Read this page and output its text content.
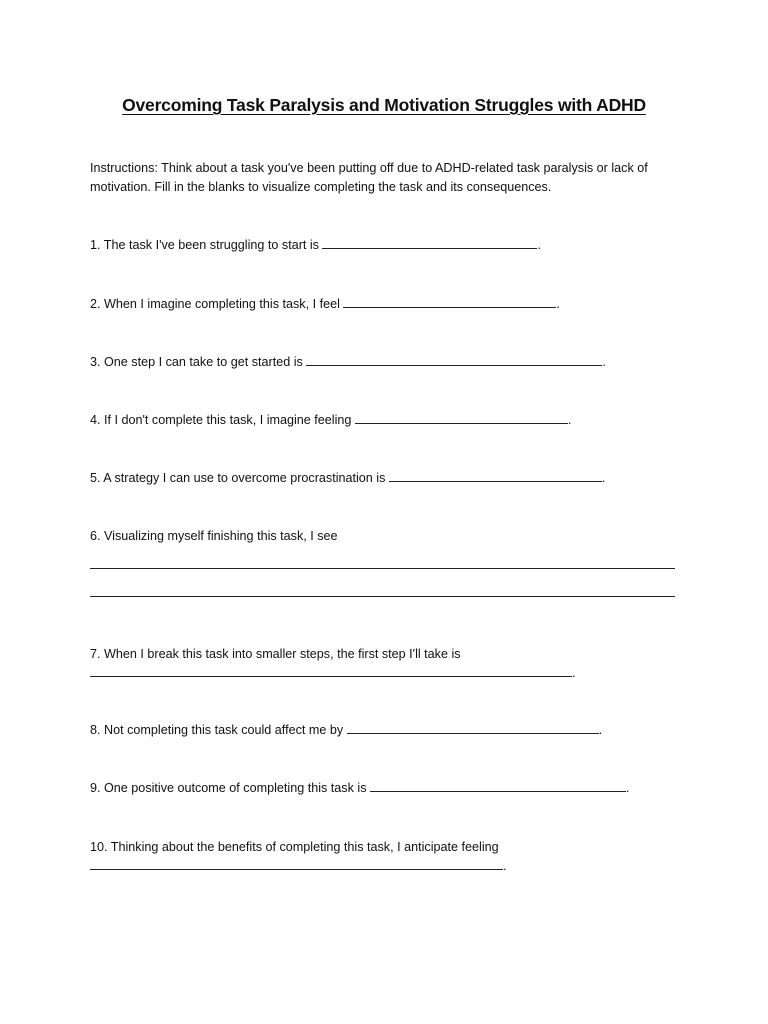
Overcoming Task Paralysis and Motivation Struggles with ADHD
Instructions: Think about a task you've been putting off due to ADHD-related task paralysis or lack of motivation. Fill in the blanks to visualize completing the task and its consequences.
1. The task I've been struggling to start is	.
2. When I imagine completing this task, I feel	.
3. One step I can take to get started is	.
4. If I don't complete this task, I imagine feeling	.
5. A strategy I can use to overcome procrastination is	.
6. Visualizing myself finishing this task, I see
7. When I break this task into smaller steps, the first step I'll take is
.
8. Not completing this task could affect me by	.
9. One positive outcome of completing this task is	.
10. Thinking about the benefits of completing this task, I anticipate feeling
.
